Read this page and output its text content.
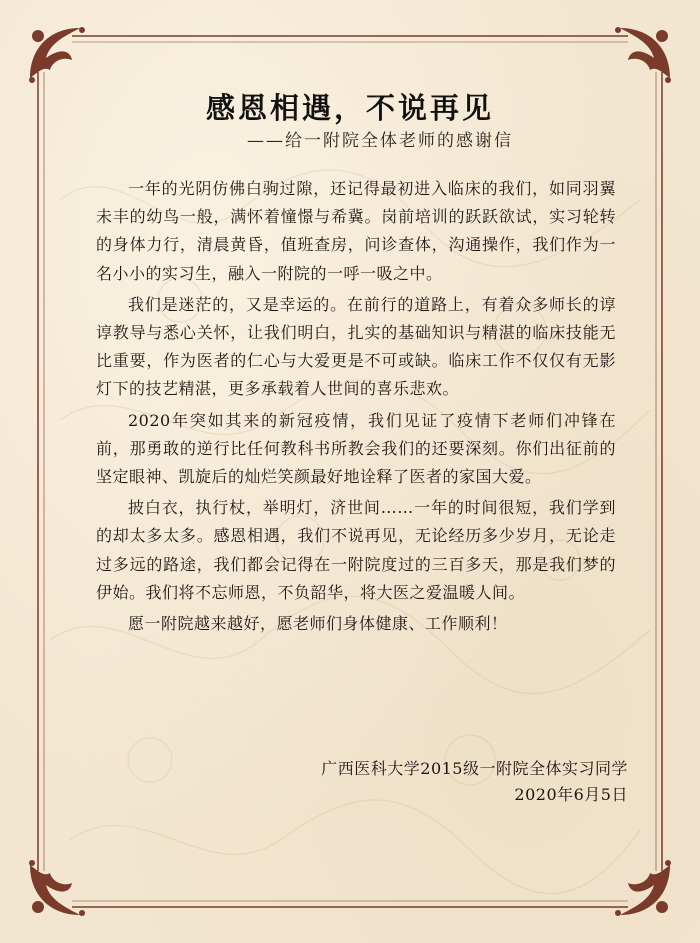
感恩相遇，不说再见
——给一附院全体老师的感谢信

一年的光阴仿佛白驹过隙，还记得最初进入临床的我们，如同羽翼未丰的幼鸟一般，满怀着憧憬与希冀。岗前培训的跃跃欲试，实习轮转的身体力行，清晨黄昏，值班查房，问诊查体，沟通操作，我们作为一名小小的实习生，融入一附院的一呼一吸之中。

我们是迷茫的，又是幸运的。在前行的道路上，有着众多师长的谆谆教导与悉心关怀，让我们明白，扎实的基础知识与精湛的临床技能无比重要，作为医者的仁心与大爱更是不可或缺。临床工作不仅仅有无影灯下的技艺精湛，更多承载着人世间的喜乐悲欢。

2020年突如其来的新冠疫情，我们见证了疫情下老师们冲锋在前，那勇敢的逆行比任何教科书所教会我们的还要深刻。你们出征前的坚定眼神、凯旋后的灿烂笑颜最好地诠释了医者的家国大爱。

披白衣，执行杖，举明灯，济世间……一年的时间很短，我们学到的却太多太多。感恩相遇，我们不说再见，无论经历多少岁月，无论走过多远的路途，我们都会记得在一附院度过的三百多天，那是我们梦的伊始。我们将不忘师恩，不负韶华，将大医之爱温暖人间。

愿一附院越来越好，愿老师们身体健康、工作顺利！

广西医科大学2015级一附院全体实习同学
2020年6月5日
